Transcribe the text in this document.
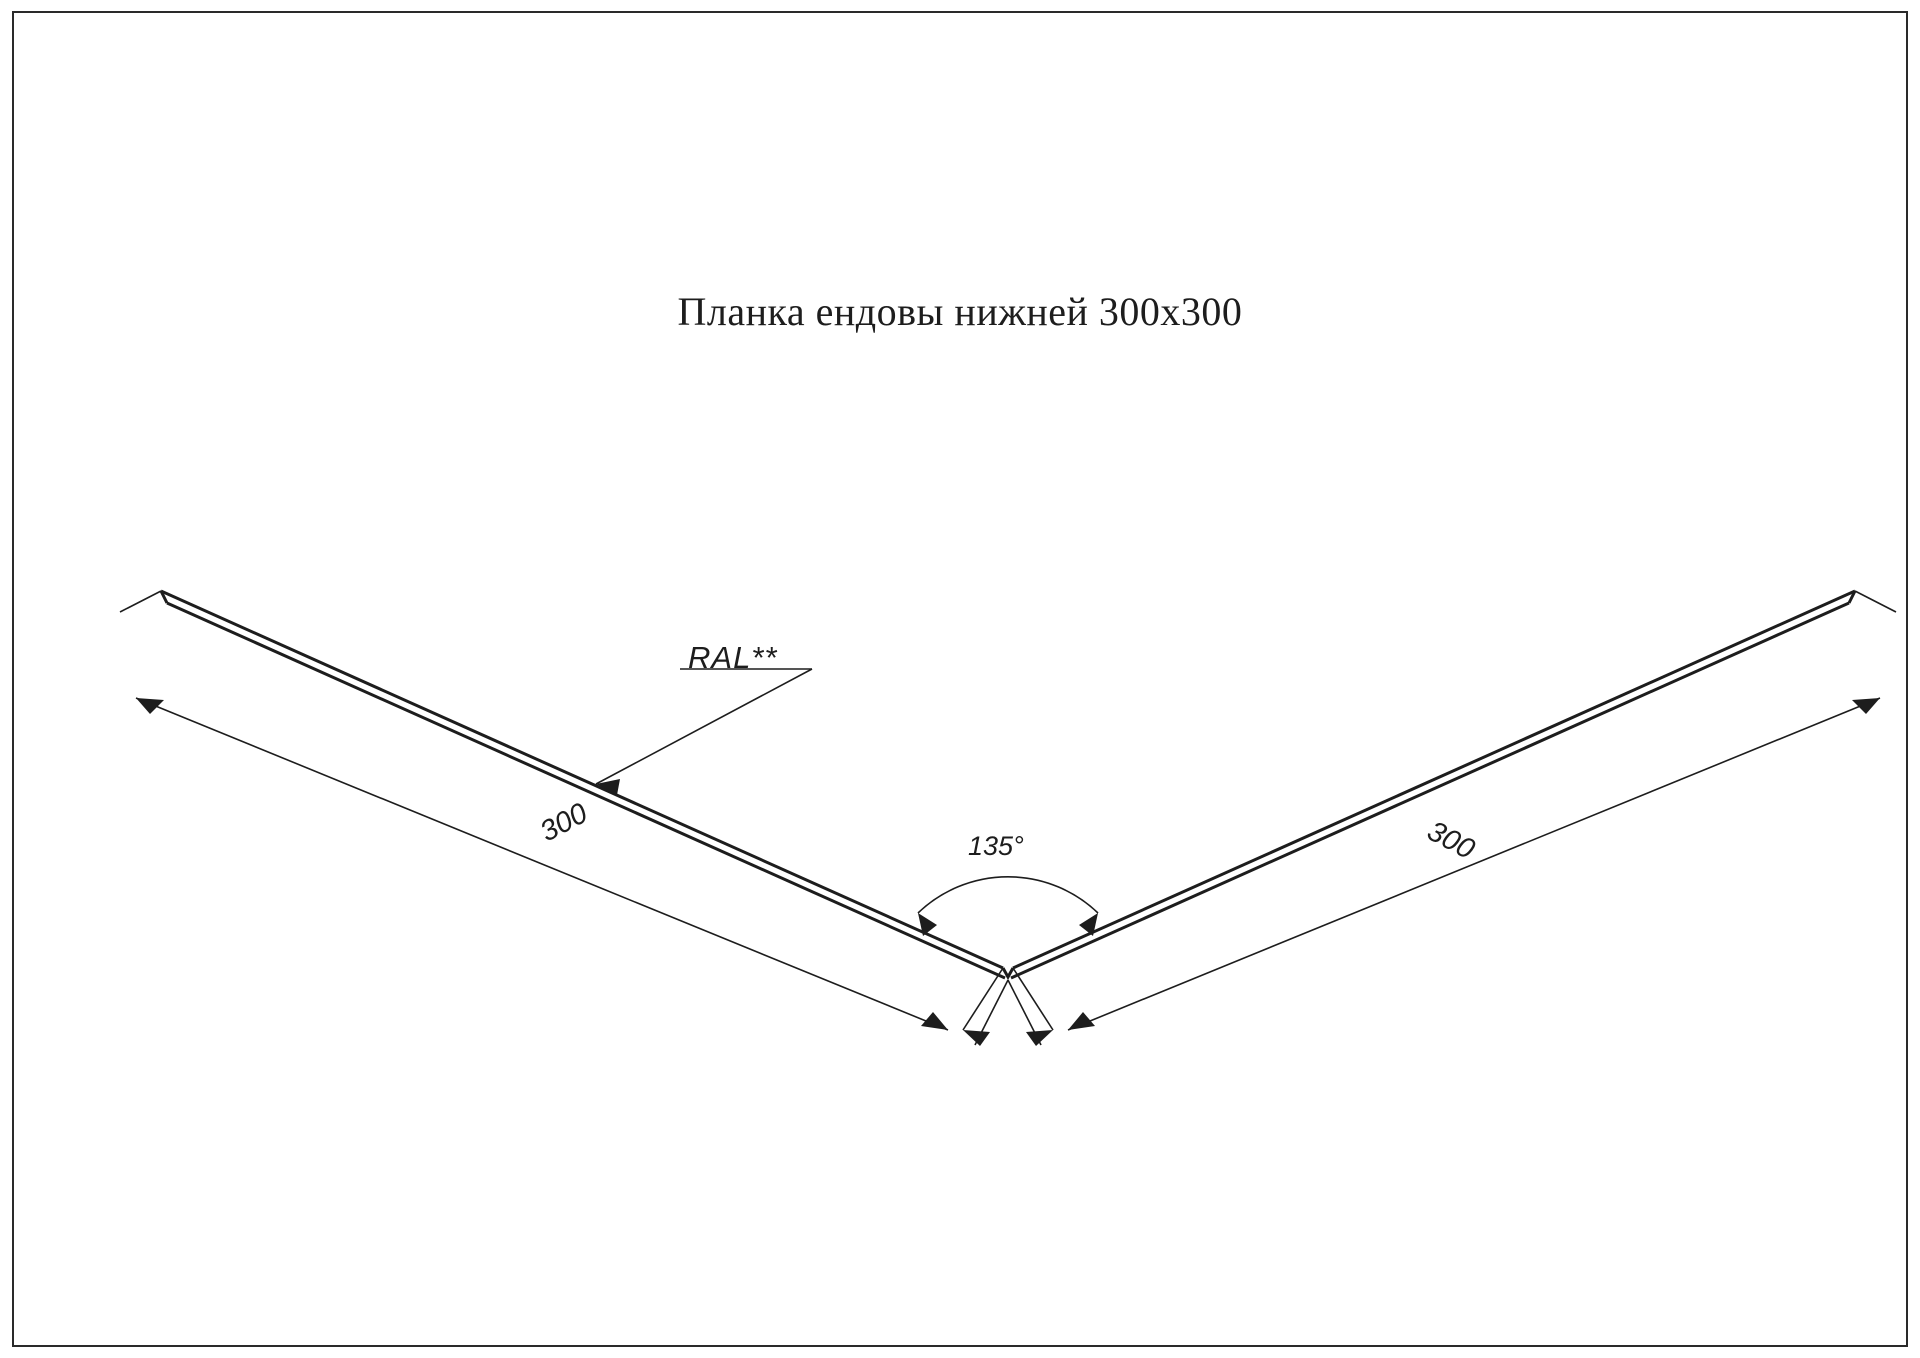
Планка ендовы нижней 300x300
300	300
135°
RAL**
